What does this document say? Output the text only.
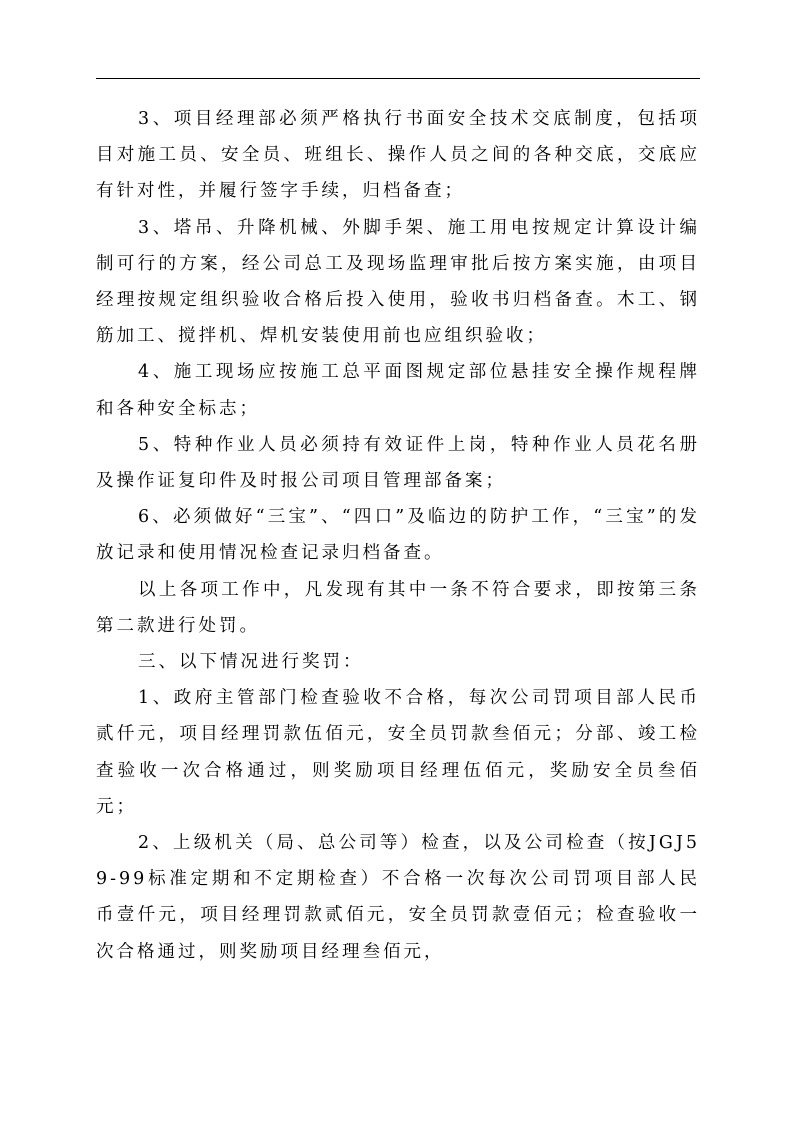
3、项目经理部必须严格执行书面安全技术交底制度，包括项目对施工员、安全员、班组长、操作人员之间的各种交底，交底应有针对性，并履行签字手续，归档备查；

3、塔吊、升降机械、外脚手架、施工用电按规定计算设计编制可行的方案，经公司总工及现场监理审批后按方案实施，由项目经理按规定组织验收合格后投入使用，验收书归档备查。木工、钢筋加工、搅拌机、焊机安装使用前也应组织验收；

4、施工现场应按施工总平面图规定部位悬挂安全操作规程牌和各种安全标志；

5、特种作业人员必须持有效证件上岗，特种作业人员花名册及操作证复印件及时报公司项目管理部备案；

6、必须做好“三宝”、“四口”及临边的防护工作，“三宝”的发放记录和使用情况检查记录归档备查。

以上各项工作中，凡发现有其中一条不符合要求，即按第三条第二款进行处罚。

三、以下情况进行奖罚：

1、政府主管部门检查验收不合格，每次公司罚项目部人民币贰仟元，项目经理罚款伍佰元，安全员罚款叁佰元；分部、竣工检查验收一次合格通过，则奖励项目经理伍佰元，奖励安全员叁佰元；

2、上级机关（局、总公司等）检查，以及公司检查（按JGJ59-99标准定期和不定期检查）不合格一次每次公司罚项目部人民币壹仟元，项目经理罚款贰佰元，安全员罚款壹佰元；检查验收一次合格通过，则奖励项目经理叁佰元，
